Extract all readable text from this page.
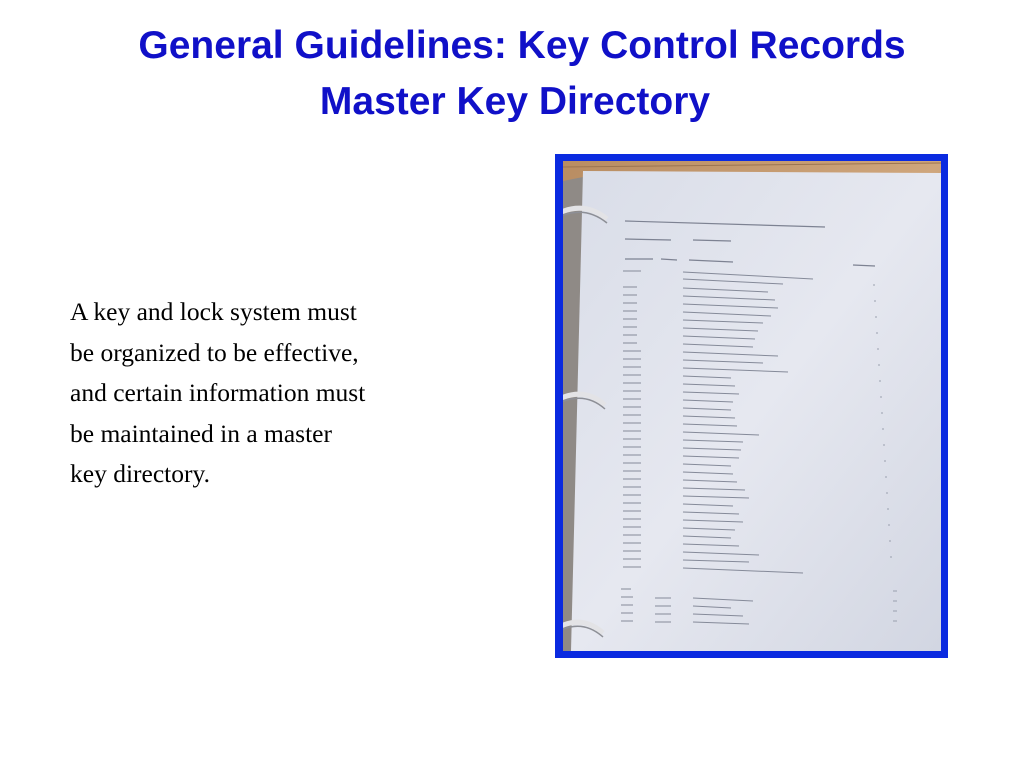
General Guidelines: Key Control Records
Master Key Directory
A key and lock system must
be organized to be effective,
and certain information must
be maintained in a master
key directory.
